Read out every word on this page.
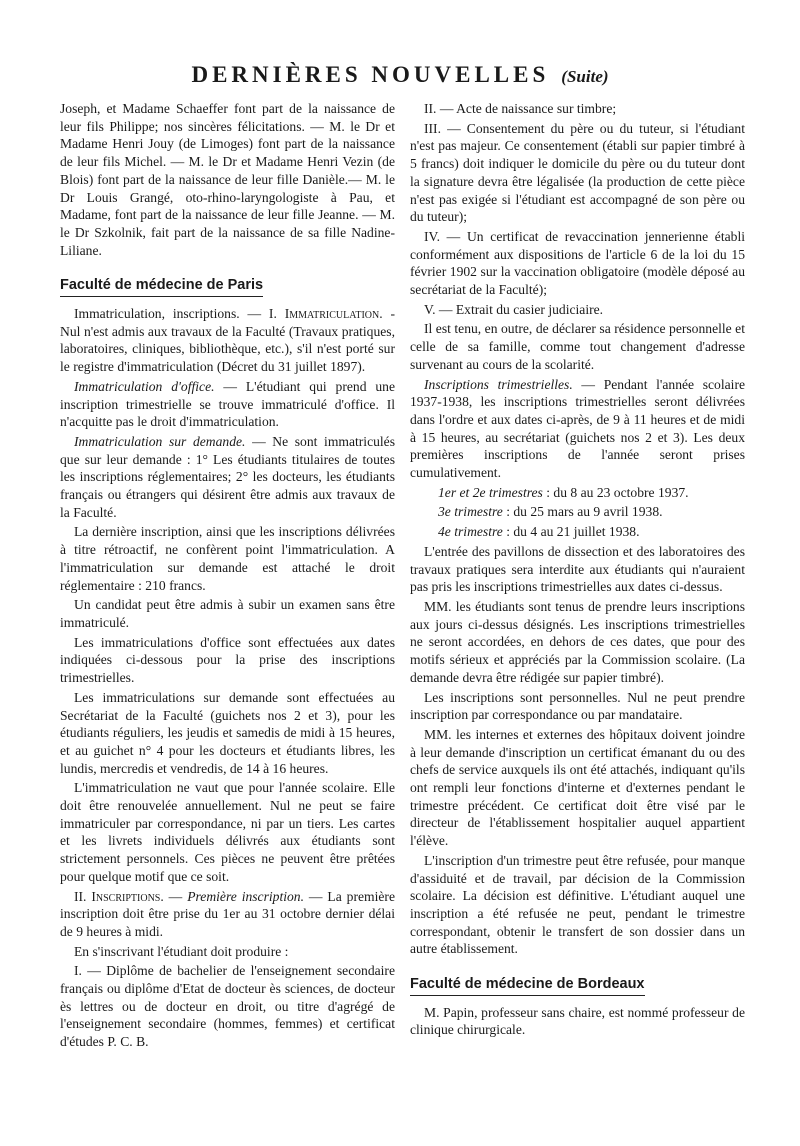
DERNIÈRES NOUVELLES (Suite)

Joseph, et Madame Schaeffer font part de la naissance de leur fils Philippe; nos sincères félicitations. — M. le Dr et Madame Henri Jouy (de Limoges) font part de la naissance de leur fils Michel. — M. le Dr et Madame Henri Vezin (de Blois) font part de la naissance de leur fille Danièle.— M. le Dr Louis Grangé, oto-rhino-laryngologiste à Pau, et Madame, font part de la naissance de leur fille Jeanne. — M. le Dr Szkolnik, fait part de la naissance de sa fille Nadine-Liliane.

Faculté de médecine de Paris

Immatriculation, inscriptions. — I. Immatriculation. - Nul n'est admis aux travaux de la Faculté (Travaux pratiques, laboratoires, cliniques, bibliothèque, etc.), s'il n'est porté sur le registre d'immatriculation (Décret du 31 juillet 1897).

Immatriculation d'office. — L'étudiant qui prend une inscription trimestrielle se trouve immatriculé d'office. Il n'acquitte pas le droit d'immatriculation.

Immatriculation sur demande. — Ne sont immatriculés que sur leur demande : 1° Les étudiants titulaires de toutes les inscriptions réglementaires; 2° les docteurs, les étudiants français ou étrangers qui désirent être admis aux travaux de la Faculté.

La dernière inscription, ainsi que les inscriptions délivrées à titre rétroactif, ne confèrent point l'immatriculation. A l'immatriculation sur demande est attaché le droit réglementaire : 210 francs.

Un candidat peut être admis à subir un examen sans être immatriculé.

Les immatriculations d'office sont effectuées aux dates indiquées ci-dessous pour la prise des inscriptions trimestrielles.

Les immatriculations sur demande sont effectuées au Secrétariat de la Faculté (guichets nos 2 et 3), pour les étudiants réguliers, les jeudis et samedis de midi à 15 heures, et au guichet n° 4 pour les docteurs et étudiants libres, les lundis, mercredis et vendredis, de 14 à 16 heures.

L'immatriculation ne vaut que pour l'année scolaire. Elle doit être renouvelée annuellement. Nul ne peut se faire immatriculer par correspondance, ni par un tiers. Les cartes et les livrets individuels délivrés aux étudiants sont strictement personnels. Ces pièces ne peuvent être prêtées pour quelque motif que ce soit.

II. Inscriptions. — Première inscription. — La première inscription doit être prise du 1er au 31 octobre dernier délai de 9 heures à midi.

En s'inscrivant l'étudiant doit produire :

I. — Diplôme de bachelier de l'enseignement secondaire français ou diplôme d'Etat de docteur ès sciences, de docteur ès lettres ou de docteur en droit, ou titre d'agrégé de l'enseignement secondaire (hommes, femmes) et certificat d'études P. C. B.

II. — Acte de naissance sur timbre;

III. — Consentement du père ou du tuteur, si l'étudiant n'est pas majeur. Ce consentement (établi sur papier timbré à 5 francs) doit indiquer le domicile du père ou du tuteur dont la signature devra être légalisée (la production de cette pièce n'est pas exigée si l'étudiant est accompagné de son père ou du tuteur);

IV. — Un certificat de revaccination jennerienne établi conformément aux dispositions de l'article 6 de la loi du 15 février 1902 sur la vaccination obligatoire (modèle déposé au secrétariat de la Faculté);

V. — Extrait du casier judiciaire.

Il est tenu, en outre, de déclarer sa résidence personnelle et celle de sa famille, comme tout changement d'adresse survenant au cours de la scolarité.

Inscriptions trimestrielles. — Pendant l'année scolaire 1937-1938, les inscriptions trimestrielles seront délivrées dans l'ordre et aux dates ci-après, de 9 à 11 heures et de midi à 15 heures, au secrétariat (guichets nos 2 et 3). Les deux premières inscriptions de l'année seront prises cumulativement.

1er et 2e trimestres : du 8 au 23 octobre 1937.

3e trimestre : du 25 mars au 9 avril 1938.

4e trimestre : du 4 au 21 juillet 1938.

L'entrée des pavillons de dissection et des laboratoires des travaux pratiques sera interdite aux étudiants qui n'auraient pas pris les inscriptions trimestrielles aux dates ci-dessus.

MM. les étudiants sont tenus de prendre leurs inscriptions aux jours ci-dessus désignés. Les inscriptions trimestrielles ne seront accordées, en dehors de ces dates, que pour des motifs sérieux et appréciés par la Commission scolaire. (La demande devra être rédigée sur papier timbré).

Les inscriptions sont personnelles. Nul ne peut prendre inscription par correspondance ou par mandataire.

MM. les internes et externes des hôpitaux doivent joindre à leur demande d'inscription un certificat émanant du ou des chefs de service auxquels ils ont été attachés, indiquant qu'ils ont rempli leur fonctions d'interne et d'externes pendant le trimestre précédent. Ce certificat doit être visé par le directeur de l'établissement hospitalier auquel appartient l'élève.

L'inscription d'un trimestre peut être refusée, pour manque d'assiduité et de travail, par décision de la Commission scolaire. La décision est définitive. L'étudiant auquel une inscription a été refusée ne peut, pendant le trimestre correspondant, obtenir le transfert de son dossier dans un autre établissement.

Faculté de médecine de Bordeaux

M. Papin, professeur sans chaire, est nommé professeur de clinique chirurgicale.
